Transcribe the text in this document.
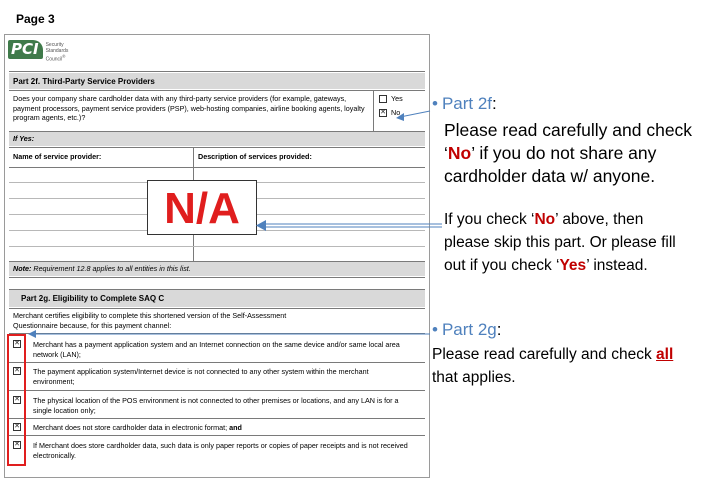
Page 3
PCI	Security Standards Council®
Part 2f. Third-Party Service Providers
Does your company share cardholder data with any third-party service providers (for example, gateways, payment processors, payment service providers (PSP), web-hosting companies, airline booking agents, loyalty program agents, etc.)?
Yes
✕ No
If Yes:
Name of service provider:	Description of services provided:
Note: Requirement 12.8 applies to all entities in this list.
N/A
Part 2g. Eligibility to Complete SAQ C
Merchant certifies eligibility to complete this shortened version of the Self-Assessment Questionnaire because, for this payment channel:
✕ Merchant has a payment application system and an Internet connection on the same device and/or same local area network (LAN);
✕ The payment application system/Internet device is not connected to any other system within the merchant environment;
✕ The physical location of the POS environment is not connected to other premises or locations, and any LAN is for a single location only;
✕ Merchant does not store cardholder data in electronic format; and
✕ If Merchant does store cardholder data, such data is only paper reports or copies of paper receipts and is not received electronically.
• Part 2f:
Please read carefully and check
‘No’ if you do not share any
cardholder data w/ anyone.
If you check ‘No’ above, then
please skip this part. Or please fill
out if you check ‘Yes’ instead.
• Part 2g:
Please read carefully and check all
that applies.
